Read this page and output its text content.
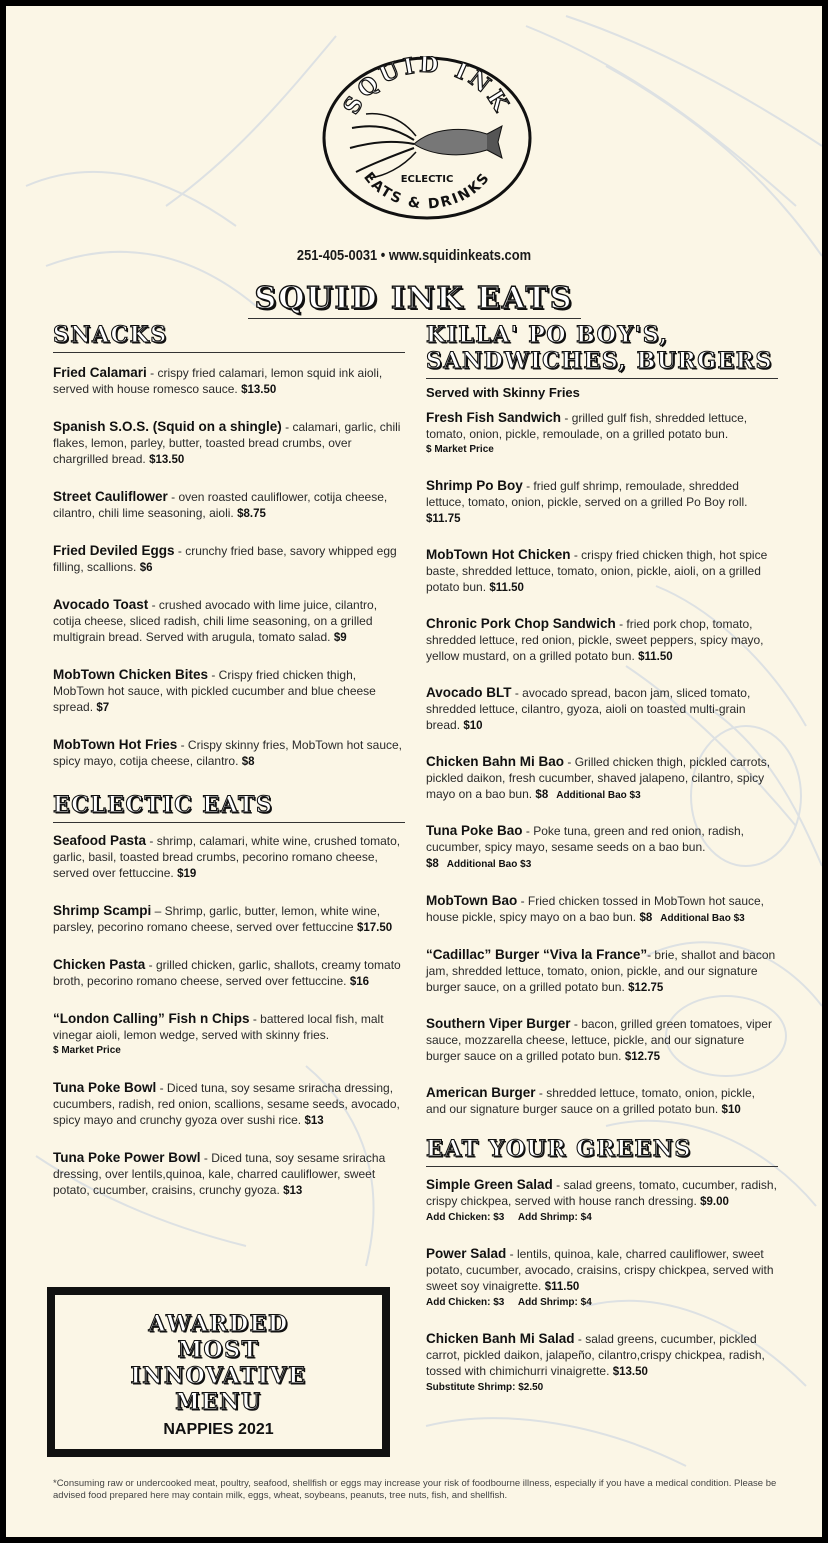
SQUID INK
EATS & DRINKS
ECLECTIC
251-405-0031 • www.squidinkeats.com
SQUID INK EATS
SNACKS
Fried Calamari - crispy fried calamari, lemon squid ink aioli, served with house romesco sauce. $13.50
Spanish S.O.S. (Squid on a shingle) - calamari, garlic, chili flakes, lemon, parley, butter, toasted bread crumbs, over chargrilled bread. $13.50
Street Cauliflower - oven roasted cauliflower, cotija cheese, cilantro, chili lime seasoning, aioli. $8.75
Fried Deviled Eggs - crunchy fried base, savory whipped egg filling, scallions. $6
Avocado Toast - crushed avocado with lime juice, cilantro, cotija cheese, sliced radish, chili lime seasoning, on a grilled multigrain bread. Served with arugula, tomato salad. $9
MobTown Chicken Bites - Crispy fried chicken thigh, MobTown hot sauce, with pickled cucumber and blue cheese spread. $7
MobTown Hot Fries - Crispy skinny fries, MobTown hot sauce, spicy mayo, cotija cheese, cilantro. $8
ECLECTIC EATS
Seafood Pasta - shrimp, calamari, white wine, crushed tomato, garlic, basil, toasted bread crumbs, pecorino romano cheese, served over fettuccine. $19
Shrimp Scampi – Shrimp, garlic, butter, lemon, white wine, parsley, pecorino romano cheese, served over fettuccine $17.50
Chicken Pasta - grilled chicken, garlic, shallots, creamy tomato broth, pecorino romano cheese, served over fettuccine. $16
“London Calling” Fish n Chips - battered local fish, malt vinegar aioli, lemon wedge, served with skinny fries.
$ Market Price
Tuna Poke Bowl - Diced tuna, soy sesame sriracha dressing, cucumbers, radish, red onion, scallions, sesame seeds, avocado, spicy mayo and crunchy gyoza over sushi rice. $13
Tuna Poke Power Bowl - Diced tuna, soy sesame sriracha dressing, over lentils,quinoa, kale, charred cauliflower, sweet potato, cucumber, craisins, crunchy gyoza. $13
KILLA' PO BOY'S,
SANDWICHES, BURGERS
Served with Skinny Fries
Fresh Fish Sandwich - grilled gulf fish, shredded lettuce, tomato, onion, pickle, remoulade, on a grilled potato bun.
$ Market Price
Shrimp Po Boy - fried gulf shrimp, remoulade, shredded lettuce, tomato, onion, pickle, served on a grilled Po Boy roll. $11.75
MobTown Hot Chicken - crispy fried chicken thigh, hot spice baste, shredded lettuce, tomato, onion, pickle, aioli, on a grilled potato bun. $11.50
Chronic Pork Chop Sandwich - fried pork chop, tomato, shredded lettuce, red onion, pickle, sweet peppers, spicy mayo, yellow mustard, on a grilled potato bun. $11.50
Avocado BLT - avocado spread, bacon jam, sliced tomato, shredded lettuce, cilantro, gyoza, aioli on toasted multi-grain bread. $10
Chicken Bahn Mi Bao - Grilled chicken thigh, pickled carrots, pickled daikon, fresh cucumber, shaved jalapeno, cilantro, spicy mayo on a bao bun. $8 Additional Bao $3
Tuna Poke Bao - Poke tuna, green and red onion, radish, cucumber, spicy mayo, sesame seeds on a bao bun. $8 Additional Bao $3
MobTown Bao - Fried chicken tossed in MobTown hot sauce, house pickle, spicy mayo on a bao bun. $8 Additional Bao $3
“Cadillac” Burger “Viva la France”- brie, shallot and bacon jam, shredded lettuce, tomato, onion, pickle, and our signature burger sauce, on a grilled potato bun. $12.75
Southern Viper Burger - bacon, grilled green tomatoes, viper sauce, mozzarella cheese, lettuce, pickle, and our signature burger sauce on a grilled potato bun. $12.75
American Burger - shredded lettuce, tomato, onion, pickle, and our signature burger sauce on a grilled potato bun. $10
EAT YOUR GREENS
Simple Green Salad - salad greens, tomato, cucumber, radish, crispy chickpea, served with house ranch dressing. $9.00
Add Chicken: $3     Add Shrimp: $4
Power Salad - lentils, quinoa, kale, charred cauliflower, sweet potato, cucumber, avocado, craisins, crispy chickpea, served with sweet soy vinaigrette. $11.50
Add Chicken: $3     Add Shrimp: $4
Chicken Banh Mi Salad - salad greens, cucumber, pickled carrot, pickled daikon, jalapeño, cilantro,crispy chickpea, radish, tossed with chimichurri vinaigrette. $13.50
Substitute Shrimp: $2.50
AWARDED
MOST
INNOVATIVE
MENU
NAPPIES 2021
*Consuming raw or undercooked meat, poultry, seafood, shellfish or eggs may increase your risk of foodbourne illness, especially if you have a medical condition. Please be advised food prepared here may contain milk, eggs, wheat, soybeans, peanuts, tree nuts, fish, and shellfish.
